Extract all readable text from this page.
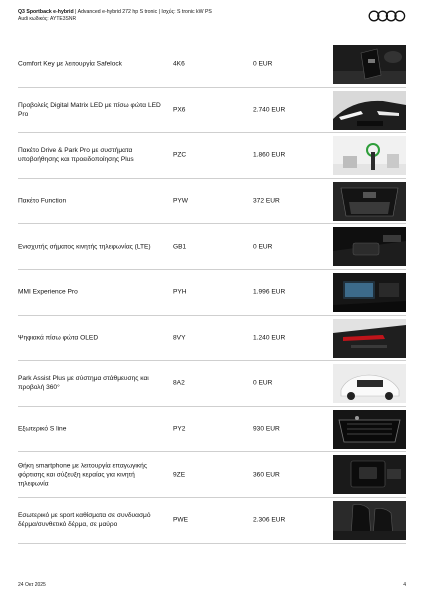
Q3 Sportback e-hybrid | Advanced e-hybrid 272 hp S tronic | Ισχύς: S tronic kW PS
Audi κωδικός: AYTE3SNR
Comfort Key με λειτουργία Safelock	4K6	0 EUR
Προβολείς Digital Matrix LED με πίσω φώτα LED Pro
PX6	2.740 EUR
Πακέτο Drive & Park Pro με συστήματα υποβοήθησης και προειδοποίησης Plus
PZC	1.860 EUR
Πακέτο Function	PYW	372 EUR
Ενισχυτής σήματος κινητής τηλεφωνίας (LTE)	GB1	0 EUR
MMI Experience Pro	PYH	1.996 EUR
Ψηφιακά πίσω φώτα OLED	8VY	1.240 EUR
Park Assist Plus με σύστημα στάθμευσης και προβολή 360°
8A2	0 EUR
Εξωτερικό S line	PY2	930 EUR
Θήκη smartphone με λειτουργία επαγωγικής φόρτισης και σύζευξη κεραίας για κινητή τηλεφωνία
9ZE	360 EUR
Εσωτερικό με sport καθίσματα σε συνδυασμό δέρμα/συνθετικό δέρμα, σε μαύρο
PWE	2.306 EUR
24 Oκτ 2025	4
